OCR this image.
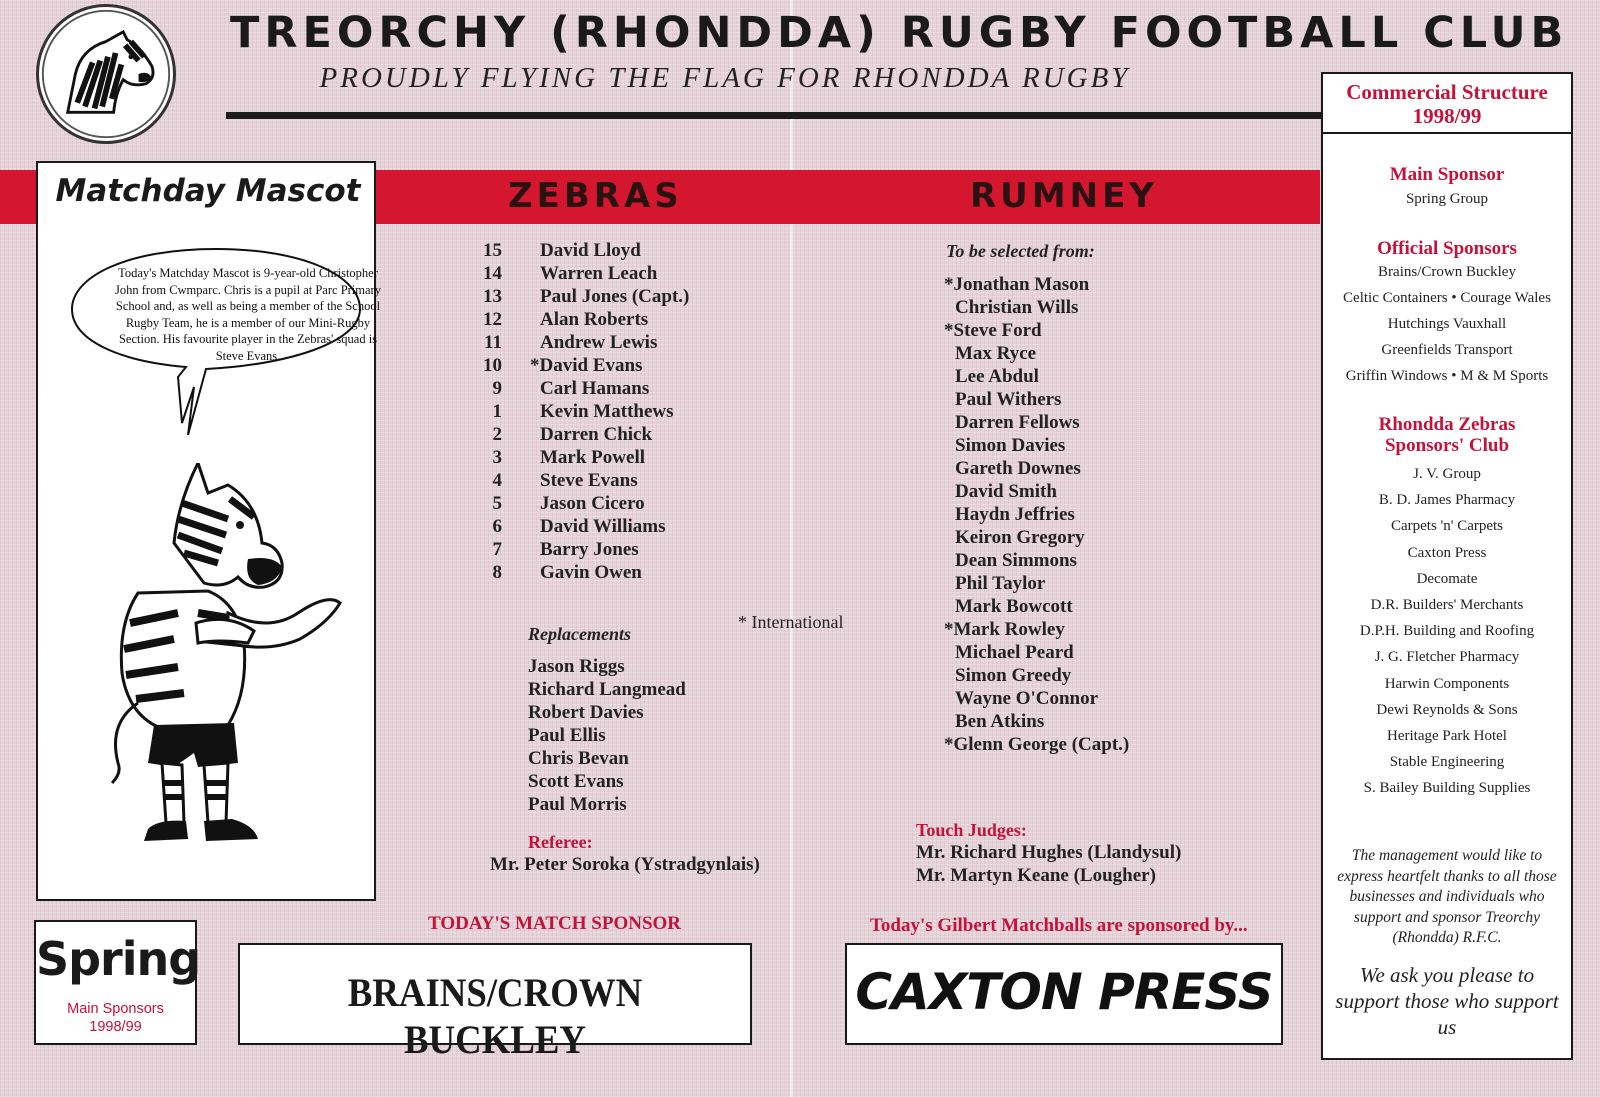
TREORCHY (RHONDDA) RUGBY FOOTBALL CLUB
PROUDLY FLYING THE FLAG FOR RHONDDA RUGBY
ZEBRAS	RUMNEY
Matchday Mascot
Today's Matchday Mascot is 9-year-old Christopher John from Cwmparc. Chris is a pupil at Parc Primary School and, as well as being a member of the School Rugby Team, he is a member of our Mini-Rugby Section. His favourite player in the Zebras' squad is Steve Evans.
15 David Lloyd
14 Warren Leach
13 Paul Jones (Capt.)
12 Alan Roberts
11 Andrew Lewis
10 *David Evans
9 Carl Hamans
1 Kevin Matthews
2 Darren Chick
3 Mark Powell
4 Steve Evans
5 Jason Cicero
6 David Williams
7 Barry Jones
8 Gavin Owen
* International
Replacements
Jason Riggs
Richard Langmead
Robert Davies
Paul Ellis
Chris Bevan
Scott Evans
Paul Morris
Referee:
Mr. Peter Soroka (Ystradgynlais)
To be selected from:
*Jonathan Mason
Christian Wills
*Steve Ford
Max Ryce
Lee Abdul
Paul Withers
Darren Fellows
Simon Davies
Gareth Downes
David Smith
Haydn Jeffries
Keiron Gregory
Dean Simmons
Phil Taylor
Mark Bowcott
*Mark Rowley
Michael Peard
Simon Greedy
Wayne O'Connor
Ben Atkins
*Glenn George (Capt.)
Touch Judges:
Mr. Richard Hughes (Llandysul)
Mr. Martyn Keane (Lougher)
Spring
Main Sponsors
1998/99
TODAY'S MATCH SPONSOR
BRAINS/CROWN BUCKLEY
Today's Gilbert Matchballs are sponsored by...
CAXTON PRESS
Commercial Structure
1998/99
Main Sponsor
Spring Group
Official Sponsors
Brains/Crown Buckley
Celtic Containers • Courage Wales
Hutchings Vauxhall
Greenfields Transport
Griffin Windows • M & M Sports
Rhondda Zebras
Sponsors' Club
J. V. Group
B. D. James Pharmacy
Carpets 'n' Carpets
Caxton Press
Decomate
D.R. Builders' Merchants
D.P.H. Building and Roofing
J. G. Fletcher Pharmacy
Harwin Components
Dewi Reynolds & Sons
Heritage Park Hotel
Stable Engineering
S. Bailey Building Supplies
The management would like to express heartfelt thanks to all those businesses and individuals who support and sponsor Treorchy (Rhondda) R.F.C.
We ask you please to support those who support us
